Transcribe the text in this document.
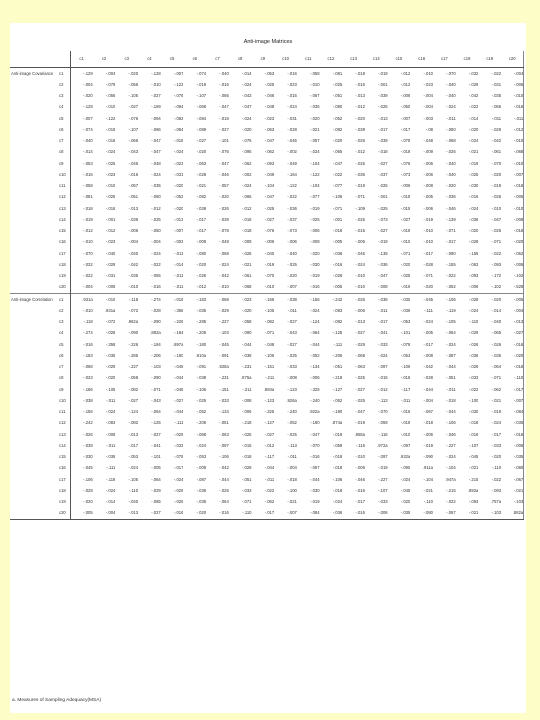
Anti-image Matrices
		c1	c2	c3	c4	c5	c6	c7	c8	c9	c10	c11	c12	c13	c14	c15	c16	c17	c18	c19	c20
Anti-image Covariance	c1	-.129	-.004	-.020	-.128	-.007	-.074	-.040	-.014	-.053	-.016	-.058	-.081	-.018	-.019	-.012	-.010	-.070	-.032	-.022	-.004
	c2	-.004	-.079	-.056	-.010	-.122	-.019	-.016	-.024	-.025	-.023	-.010	-.025	-.016	-.001	-.012	-.023	-.040	-.029	-.031	-.006
	c3	-.020	-.056	-.105	-.027	-.076	-.107	-.066	-.043	-.046	-.016	-.067	-.051	-.013	-.039	-.006	-.004	-.040	-.042	-.035	-.010
	c4	-.128	-.010	-.027	-.169	-.094	-.066	-.047	-.047	-.048	-.024	-.035	-.080	-.012	-.025	-.050	-.004	-.024	-.022	-.055	-.016
	c5	-.007	-.122	-.076	-.094	-.082	-.084	-.018	-.024	-.023	-.031	-.020	-.052	-.020	-.013	-.007	-.003	-.011	-.014	-.011	-.011
	c6	-.074	-.019	-.107	-.066	-.084	-.089	-.027	-.020	-.063	-.028	-.021	-.082	-.039	-.017	-.017	-.08	-.080	-.020	-.026	-.012
	c7	-.040	-.016	-.066	-.047	-.018	-.027	-.101	-.076	-.047	-.046	-.057	-.020	-.026	-.039	-.078	-.048	-.068	-.024	-.042	-.010
	c8	-.014	-.024	-.043	-.047	-.024	-.020	-.076	-.095	-.062	-.002	-.024	-.065	-.012	-.018	-.018	-.009	-.026	-.021	-.061	-.068
	c9	-.053	-.025	-.046	-.048	-.023	-.063	-.047	-.062	-.093	-.049	-.104	-.047	-.025	-.027	-.076	-.006	-.040	-.019	-.070	-.010
	c10	-.016	-.023	-.016	-.024	-.031	-.028	-.046	-.002	-.049	-.164	-.122	-.022	-.036	-.037	-.073	-.006	-.040	-.025	-.020	-.007
	c11	-.058	-.010	-.067	-.035	-.020	-.021	-.057	-.024	-.104	-.122	-.104	-.077	-.019	-.025	-.006	-.008	-.020	-.030	-.019	-.016
	c12	-.081	-.025	-.051	-.080	-.052	-.082	-.020	-.065	-.047	-.022	-.077	-.106	-.071	-.001	-.018	-.005	-.036	-.016	-.026	-.005
	c13	-.018	-.016	-.013	-.012	-.020	-.039	-.026	-.012	-.025	-.036	-.019	-.071	-.109	-.025	-.015	-.006	-.046	-.024	-.010	-.010
	c14	-.019	-.001	-.039	-.025	-.013	-.017	-.039	-.018	-.027	-.037	-.025	-.001	-.025	-.073	-.027	-.019	-.139	-.036	-.047	-.008
	c15	-.012	-.012	-.006	-.050	-.007	-.017	-.078	-.018	-.076	-.073	-.006	-.018	-.015	-.027	-.018	-.010	-.071	-.020	-.025	-.016
	c16	-.010	-.023	-.004	-.004	-.003	-.008	-.048	-.009	-.006	-.006	-.008	-.005	-.006	-.019	-.010	-.010	-.017	-.028	-.071	-.020
	c17	-.070	-.040	-.040	-.024	-.011	-.080	-.068	-.026	-.040	-.040	-.020	-.036	-.046	-.139	-.071	-.017	-.090	-.155	-.022	-.052
	c18	-.032	-.029	-.042	-.022	-.014	-.020	-.024	-.021	-.019	-.025	-.030	-.016	-.024	-.036	-.020	-.028	-.155	-.063	-.093	-.006
	c19	-.022	-.031	-.035	-.055	-.011	-.026	-.042	-.061	-.070	-.020	-.019	-.026	-.010	-.047	-.025	-.071	-.022	-.093	-.172	-.102
	c20	-.004	-.006	-.010	-.016	-.011	-.012	-.010	-.068	-.010	-.007	-.016	-.005	-.010	-.008	-.016	-.020	-.052	-.006	-.102	-.528
Anti-image Correlation	c1	.931a	-.010	-.118	-.274	-.016	-.183	-.068	-.023	-.166	-.038	-.156	-.242	-.026	-.038	-.030	-.045	-.106	-.028	-.020	-.005
	c2	-.010	.931a	-.072	-.028	-.358	-.035	-.029	-.020	-.105	-.011	-.024	-.083	-.006	-.011	-.036	-.111	-.119	-.024	-.014	-.004
	c3	-.118	-.072	.962a	-.090	-.226	-.285	-.227	-.058	-.082	-.027	-.124	-.082	-.013	-.017	-.053	-.024	-.105	-.110	-.040	-.013
	c4	-.274	-.028	-.090	.882a	-.184	-.206	-.103	-.090	-.071	-.043	-.064	-.125	-.027	-.041	-.101	-.005	-.064	-.029	-.065	-.027
	c5	-.016	-.358	-.226	-.184	.897a	-.180	-.045	-.044	-.048	-.027	-.044	-.111	-.029	-.033	-.078	-.017	-.024	-.026	-.026	-.016
	c6	-.183	-.035	-.285	-.206	-.180	.910a	-.091	-.038	-.106	-.025	-.052	-.206	-.068	-.024	-.053	-.008	-.087	-.036	-.035	-.020
	c7	-.068	-.029	-.227	-.103	-.045	-.091	.928a	-.231	-.151	-.033	-.134	-.051	-.063	-.097	-.106	-.042	-.044	-.026	-.064	-.016
	c8	-.023	-.020	-.058	-.090	-.044	-.038	-.231	.875a	-.211	-.008	-.006	-.218	-.025	-.015	-.018	-.028	-.051	-.033	-.071	-.110
	c9	-.166	-.105	-.082	-.071	-.048	-.106	-.151	-.211	.893a	-.123	-.325	-.127	-.027	-.012	-.117	-.044	-.011	-.022	-.062	-.017
	c10	-.038	-.011	-.027	-.043	-.027	-.025	-.033	-.008	-.123	.926a	-.240	-.052	-.025	-.113	-.011	-.004	-.018	-.100	-.021	-.007
	c11	-.156	-.024	-.124	-.064	-.044	-.052	-.134	-.006	-.325	-.240	.922a	-.180	-.047	-.070	-.016	-.067	-.044	-.030	-.019	-.084
	c12	-.242	-.083	-.082	-.125	-.111	-.206	-.051	-.218	-.127	-.052	-.180	.874a	-.019	-.059	-.018	-.018	-.106	-.018	-.024	-.036
	c13	-.026	-.006	-.013	-.027	-.029	-.068	-.063	-.025	-.027	-.025	-.047	-.019	.958a	-.116	-.010	-.006	-.046	-.016	-.017	-.016
	c14	-.038	-.011	-.017	-.041	-.033	-.024	-.097	-.015	-.012	-.113	-.070	-.059	-.116	.972a	-.097	-.019	-.227	-.107	-.033	-.006
	c15	-.030	-.036	-.053	-.101	-.078	-.053	-.106	-.018	-.117	-.011	-.016	-.018	-.010	-.097	.932a	-.090	-.024	-.045	-.020	-.035
	c16	-.045	-.111	-.024	-.005	-.017	-.008	-.042	-.028	-.044	-.004	-.067	-.018	-.006	-.019	-.090	.911a	-.104	-.021	-.110	-.080
	c17	-.106	-.119	-.105	-.064	-.024	-.087	-.044	-.051	-.011	-.018	-.044	-.106	-.046	-.227	-.024	-.104	.947a	-.215	-.022	-.067
	c18	-.028	-.024	-.110	-.029	-.026	-.036	-.026	-.033	-.022	-.100	-.030	-.018	-.016	-.107	-.045	-.021	-.215	.892a	-.093	-.021
	c19	-.020	-.014	-.040	-.065	-.026	-.035	-.064	-.071	-.062	-.021	-.019	-.024	-.017	-.033	-.020	-.110	-.022	-.093	.757a	-.103
	c20	-.005	-.004	-.013	-.027	-.016	-.020	-.016	-.110	-.017	-.007	-.084	-.036	-.016	-.006	-.035	-.080	-.067	-.021	-.103	.882a
a. Measures of Sampling Adequacy(MSA)
